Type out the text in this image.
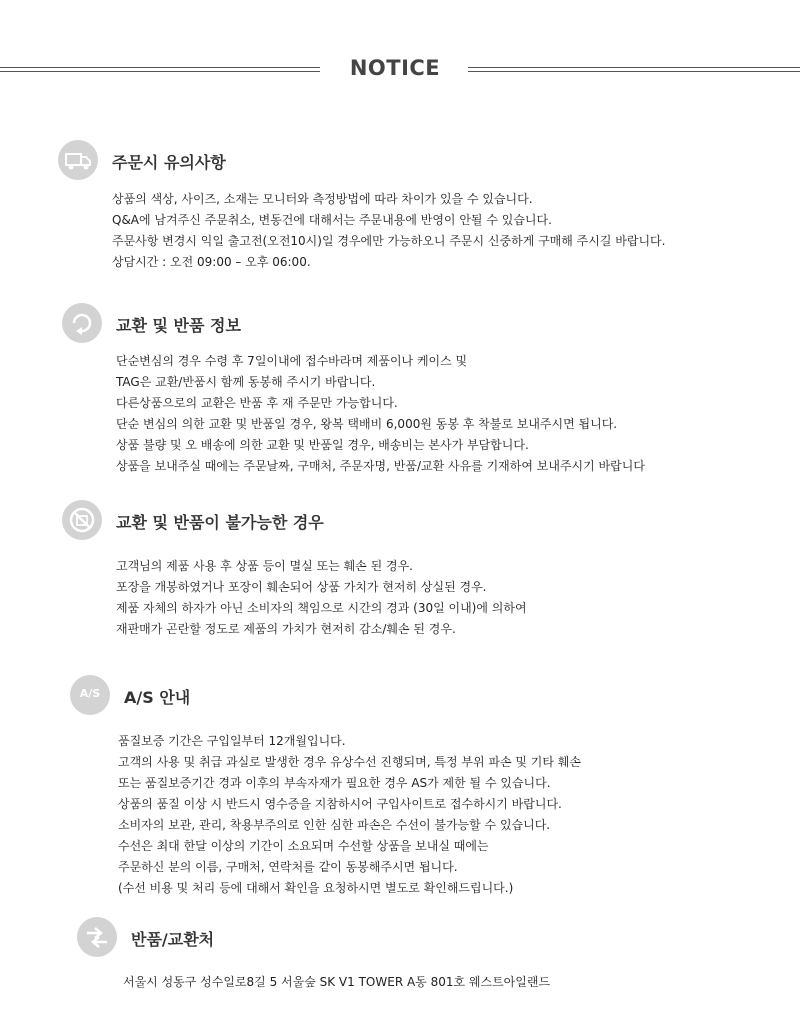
NOTICE
주문시 유의사항
상품의 색상, 사이즈, 소재는 모니터와 측정방법에 따라 차이가 있을 수 있습니다.
Q&A에 남겨주신 주문취소, 변동건에 대해서는 주문내용에 반영이 안될 수 있습니다.
주문사항 변경시 익일 출고전(오전10시)일 경우에만 가능하오니 주문시 신중하게 구매해 주시길 바랍니다.
상담시간 : 오전 09:00 – 오후 06:00.
교환 및 반품 정보
단순변심의 경우 수령 후 7일이내에 접수바라며 제품이나 케이스 및
TAG은 교환/반품시 함께 동봉해 주시기 바랍니다.
다른상품으로의 교환은 반품 후 재 주문만 가능합니다.
단순 변심의 의한 교환 및 반품일 경우, 왕복 택배비 6,000원 동봉 후 착불로 보내주시면 됩니다.
상품 불량 및 오 배송에 의한 교환 및 반품일 경우, 배송비는 본사가 부담합니다.
상품을 보내주실 때에는 주문날짜, 구매처, 주문자명, 반품/교환 사유를 기재하여 보내주시기 바랍니다
교환 및 반품이 불가능한 경우
고객님의 제품 사용 후 상품 등이 멸실 또는 훼손 된 경우.
포장을 개봉하였거나 포장이 훼손되어 상품 가치가 현저히 상실된 경우.
제품 자체의 하자가 아닌 소비자의 책임으로 시간의 경과 (30일 이내)에 의하여
재판매가 곤란할 정도로 제품의 가치가 현저히 감소/훼손 된 경우.
A/S	A/S 안내
품질보증 기간은 구입일부터 12개월입니다.
고객의 사용 및 취급 과실로 발생한 경우 유상수선 진행되며, 특정 부위 파손 및 기타 훼손
또는 품질보증기간 경과 이후의 부속자재가 필요한 경우 AS가 제한 될 수 있습니다.
상품의 품질 이상 시 반드시 영수증을 지참하시어 구입사이트로 접수하시기 바랍니다.
소비자의 보관, 관리, 착용부주의로 인한 심한 파손은 수선이 불가능할 수 있습니다.
수선은 최대 한달 이상의 기간이 소요되며 수선할 상품을 보내실 때에는
주문하신 분의 이름, 구매처, 연락처를 같이 동봉해주시면 됩니다.
(수선 비용 및 처리 등에 대해서 확인을 요청하시면 별도로 확인해드립니다.)
반품/교환처
서울시 성동구 성수일로8길 5 서울숲 SK V1 TOWER A동 801호 웨스트아일랜드
